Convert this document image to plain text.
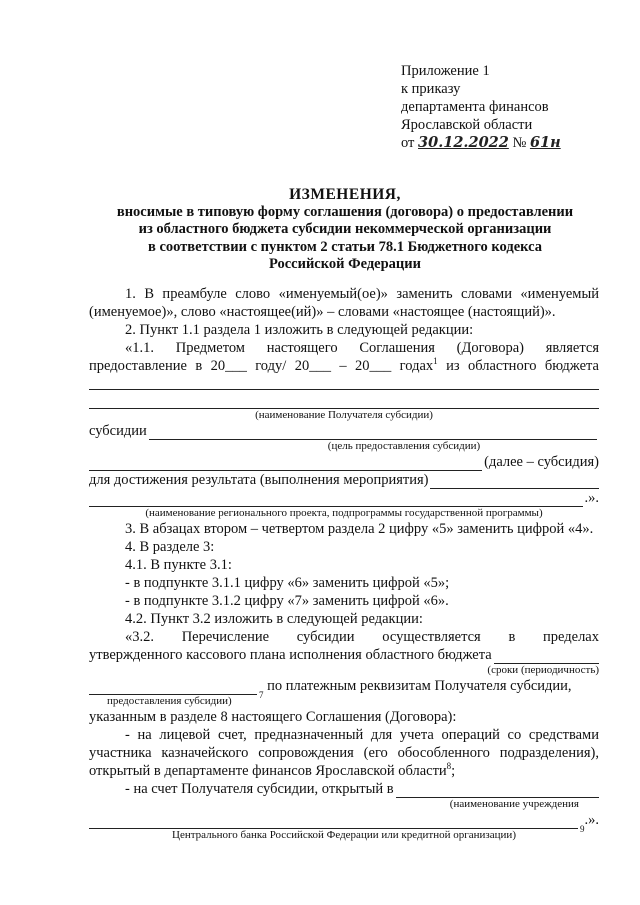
Приложение 1
к приказу
департамента финансов
Ярославской области
от 30.12.2022 № 61н
ИЗМЕНЕНИЯ,
вносимые в типовую форму соглашения (договора) о предоставлении
из областного бюджета субсидии некоммерческой организации
в соответствии с пунктом 2 статьи 78.1 Бюджетного кодекса
Российской Федерации

1. В преамбуле слово «именуемый(ое)» заменить словами «именуемый (именуемое)», слово «настоящее(ий)» – словами «настоящее (настоящий)».

2. Пункт 1.1 раздела 1 изложить в следующей редакции:

«1.1. Предметом настоящего Соглашения (Договора) является

предоставление в 20___ году/ 20___ – 20___ годах$^1$ из областного бюджета

(наименование Получателя субсидии)

субсидии

(цель предоставления субсидии)

(далее – субсидия)
для достижения результата (выполнения мероприятия)
.».

(наименование регионального проекта, подпрограммы государственной программы)

3. В абзацах втором – четвертом раздела 2 цифру «5» заменить цифрой «4».

4. В разделе 3:

4.1. В пункте 3.1:

- в подпункте 3.1.1 цифру «6» заменить цифрой «5»;

- в подпункте 3.1.2 цифру «7» заменить цифрой «6».

4.2. Пункт 3.2 изложить в следующей редакции:

«3.2. Перечисление субсидии осуществляется в пределах

утвержденного кассового плана исполнения областного бюджета

(сроки (периодичность)

7

по платежным реквизитам Получателя субсидии,

предоставления субсидии)

указанным в разделе 8 настоящего Соглашения (Договора):

- на лицевой счет, предназначенный для учета операций со средствами участника казначейского сопровождения (его обособленного подразделения), открытый в департаменте финансов Ярославской области$^8$;

- на счет Получателя субсидии, открытый в

(наименование учреждения

9
.».

Центрального банка Российской Федерации или кредитной организации)
